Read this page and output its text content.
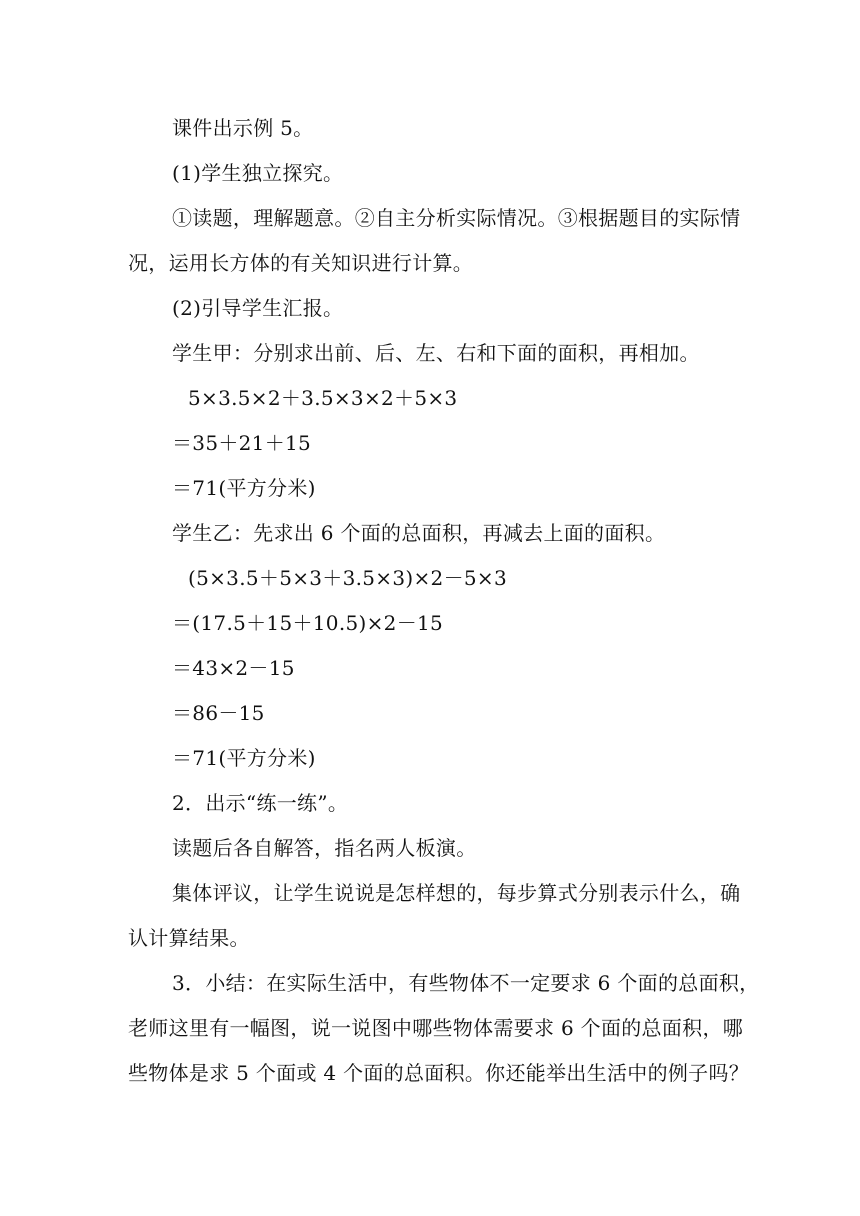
课件出示例 5。
(1)学生独立探究。
①读题，理解题意。②自主分析实际情况。③根据题目的实际情
况，运用长方体的有关知识进行计算。
(2)引导学生汇报。
学生甲：分别求出前、后、左、右和下面的面积，再相加。
5×3.5×2＋3.5×3×2＋5×3
＝35＋21＋15
＝71(平方分米)
学生乙：先求出 6 个面的总面积，再减去上面的面积。
(5×3.5＋5×3＋3.5×3)×2－5×3
＝(17.5＋15＋10.5)×2－15
＝43×2－15
＝86－15
＝71(平方分米)
2．出示“练一练”。
读题后各自解答，指名两人板演。
集体评议，让学生说说是怎样想的，每步算式分别表示什么，确
认计算结果。
3．小结：在实际生活中，有些物体不一定要求 6 个面的总面积，
老师这里有一幅图，说一说图中哪些物体需要求 6 个面的总面积，哪
些物体是求 5 个面或 4 个面的总面积。你还能举出生活中的例子吗？
